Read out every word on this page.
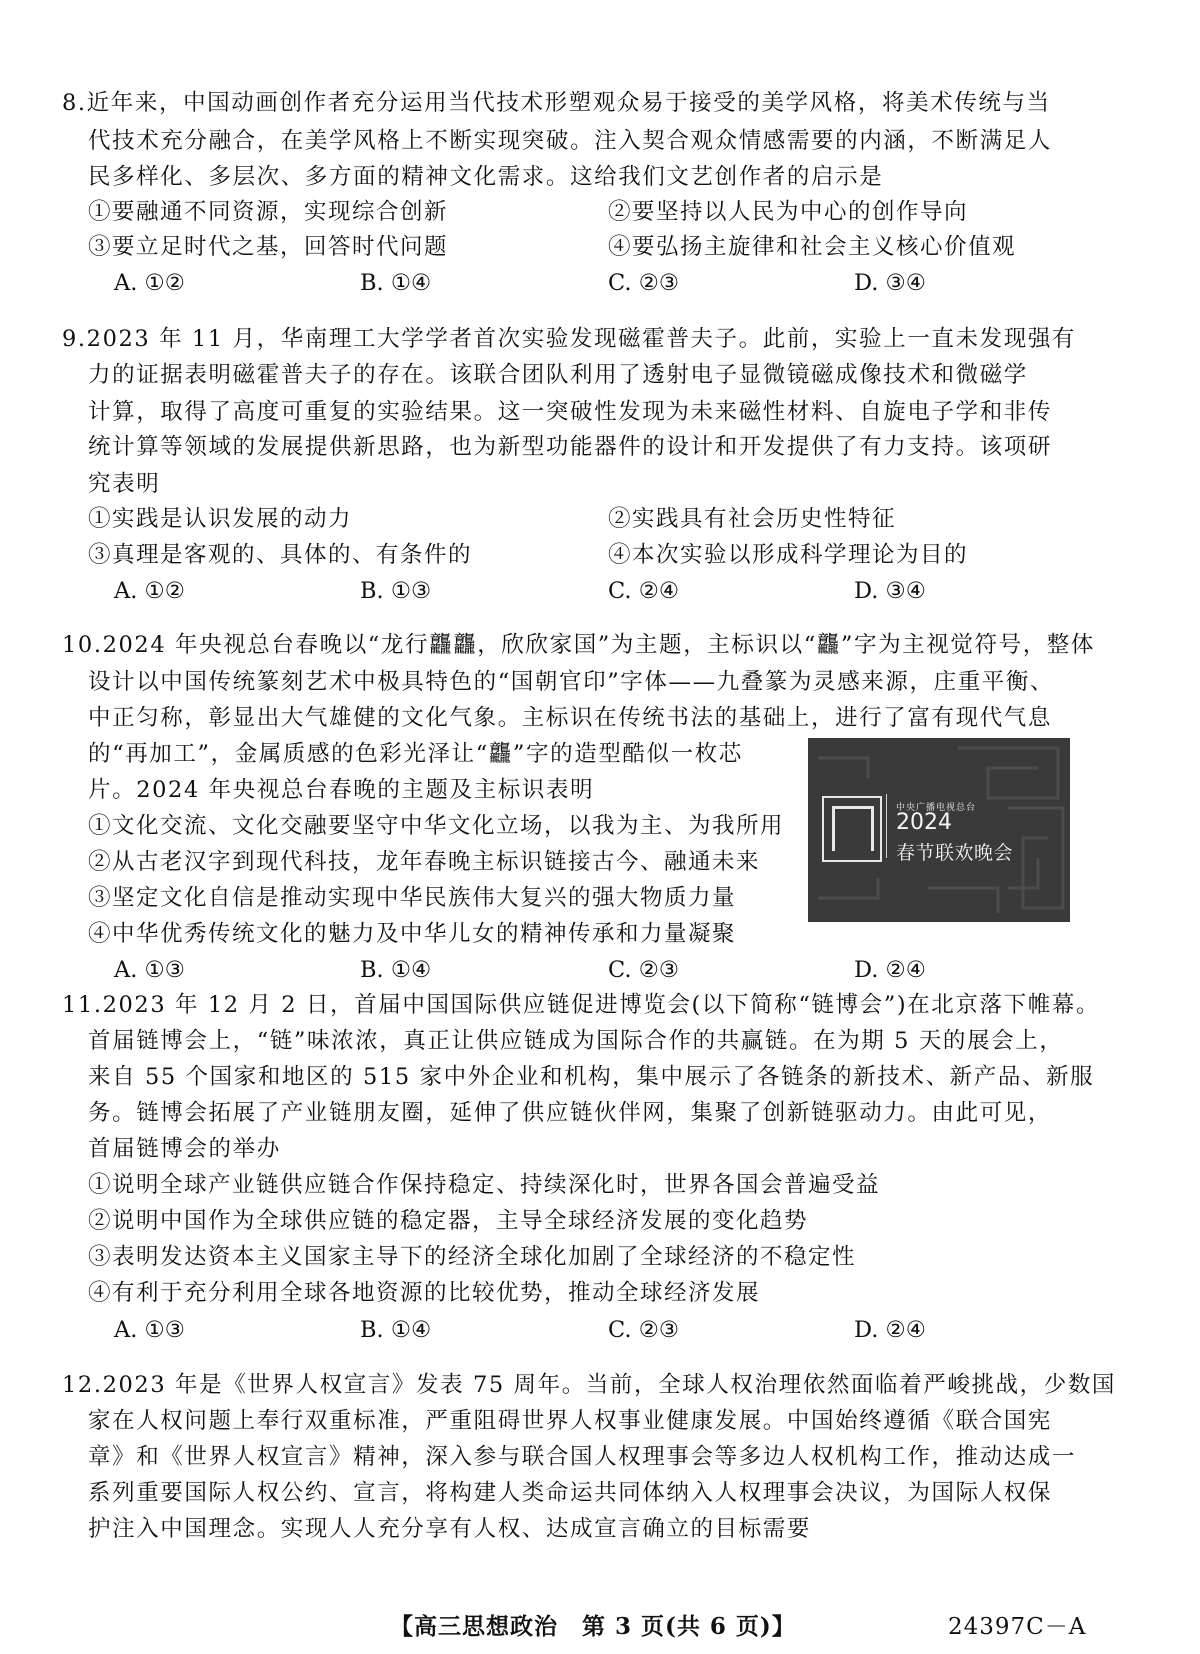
8.近年来，中国动画创作者充分运用当代技术形塑观众易于接受的美学风格，将美术传统与当
代技术充分融合，在美学风格上不断实现突破。注入契合观众情感需要的内涵，不断满足人
民多样化、多层次、多方面的精神文化需求。这给我们文艺创作者的启示是
①要融通不同资源，实现综合创新	②要坚持以人民为中心的创作导向
③要立足时代之基，回答时代问题	④要弘扬主旋律和社会主义核心价值观
A. ①②	B. ①④	C. ②③	D. ③④
9.2023 年 11 月，华南理工大学学者首次实验发现磁霍普夫子。此前，实验上一直未发现强有
力的证据表明磁霍普夫子的存在。该联合团队利用了透射电子显微镜磁成像技术和微磁学
计算，取得了高度可重复的实验结果。这一突破性发现为未来磁性材料、自旋电子学和非传
统计算等领域的发展提供新思路，也为新型功能器件的设计和开发提供了有力支持。该项研
究表明
①实践是认识发展的动力	②实践具有社会历史性特征
③真理是客观的、具体的、有条件的	④本次实验以形成科学理论为目的
A. ①②	B. ①③	C. ②④	D. ③④
10.2024 年央视总台春晚以“龙行龘龘，欣欣家国”为主题，主标识以“龘”字为主视觉符号，整体
设计以中国传统篆刻艺术中极具特色的“国朝官印”字体——九叠篆为灵感来源，庄重平衡、
中正匀称，彰显出大气雄健的文化气象。主标识在传统书法的基础上，进行了富有现代气息
的“再加工”，金属质感的色彩光泽让“龘”字的造型酷似一枚芯
片。2024 年央视总台春晚的主题及主标识表明
①文化交流、文化交融要坚守中华文化立场，以我为主、为我所用
②从古老汉字到现代科技，龙年春晚主标识链接古今、融通未来
③坚定文化自信是推动实现中华民族伟大复兴的强大物质力量
④中华优秀传统文化的魅力及中华儿女的精神传承和力量凝聚
A. ①③	B. ①④	C. ②③	D. ②④
中央广播电视总台
2024
春节联欢晚会
11.2023 年 12 月 2 日，首届中国国际供应链促进博览会(以下简称“链博会”)在北京落下帷幕。
首届链博会上，“链”味浓浓，真正让供应链成为国际合作的共赢链。在为期 5 天的展会上，
来自 55 个国家和地区的 515 家中外企业和机构，集中展示了各链条的新技术、新产品、新服
务。链博会拓展了产业链朋友圈，延伸了供应链伙伴网，集聚了创新链驱动力。由此可见，
首届链博会的举办
①说明全球产业链供应链合作保持稳定、持续深化时，世界各国会普遍受益
②说明中国作为全球供应链的稳定器，主导全球经济发展的变化趋势
③表明发达资本主义国家主导下的经济全球化加剧了全球经济的不稳定性
④有利于充分利用全球各地资源的比较优势，推动全球经济发展
A. ①③	B. ①④	C. ②③	D. ②④
12.2023 年是《世界人权宣言》发表 75 周年。当前，全球人权治理依然面临着严峻挑战，少数国
家在人权问题上奉行双重标准，严重阻碍世界人权事业健康发展。中国始终遵循《联合国宪
章》和《世界人权宣言》精神，深入参与联合国人权理事会等多边人权机构工作，推动达成一
系列重要国际人权公约、宣言，将构建人类命运共同体纳入人权理事会决议，为国际人权保
护注入中国理念。实现人人充分享有人权、达成宣言确立的目标需要
【高三思想政治　第 3 页(共 6 页)】	24397C－A
